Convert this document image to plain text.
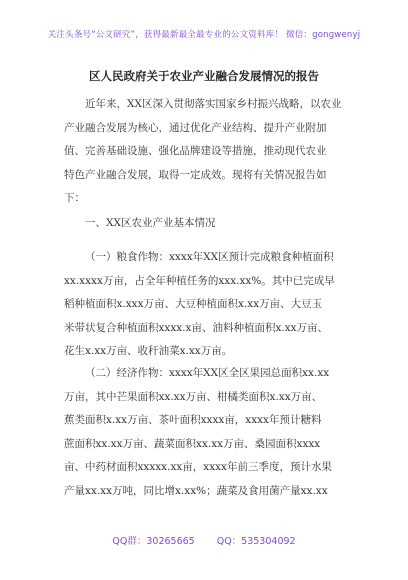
关注头条号“公文研究”，获得最新最全最专业的公文资料库！ 微信：gongwenyj
区人民政府关于农业产业融合发展情况的报告
近年来，XX区深入贯彻落实国家乡村振兴战略，以农业
产业融合发展为核心，通过优化产业结构、提升产业附加
值、完善基础设施、强化品牌建设等措施，推动现代农业
特色产业融合发展，取得一定成效。现将有关情况报告如
下：
一、XX区农业产业基本情况
（一）粮食作物：xxxx年XX区预计完成粮食种植面积
xx.xxxx万亩，占全年种植任务的xxx.xx%。其中已完成早
稻种植面积x.xxx万亩、大豆种植面积x.xx万亩、大豆玉
米带状复合种植面积xxxx.x亩、油料种植面积x.xx万亩、
花生x.xx万亩、收秆油菜x.xx万亩。
（二）经济作物：xxxx年XX区全区果园总面积xx.xx
万亩，其中芒果面积xx.xx万亩、柑橘类面积x.xx万亩、
蕉类面积x.xx万亩、茶叶面积xxxx亩，xxxx年预计糖料
蔗面积xx.xx万亩、蔬菜面积xx.xx万亩、桑园面积xxxx
亩、中药材面积xxxxx.xx亩，xxxx年前三季度，预计水果
产量xx.xx万吨，同比增x.xx%；蔬菜及食用菌产量xx.xx
QQ群：30265665 QQ：535304092
